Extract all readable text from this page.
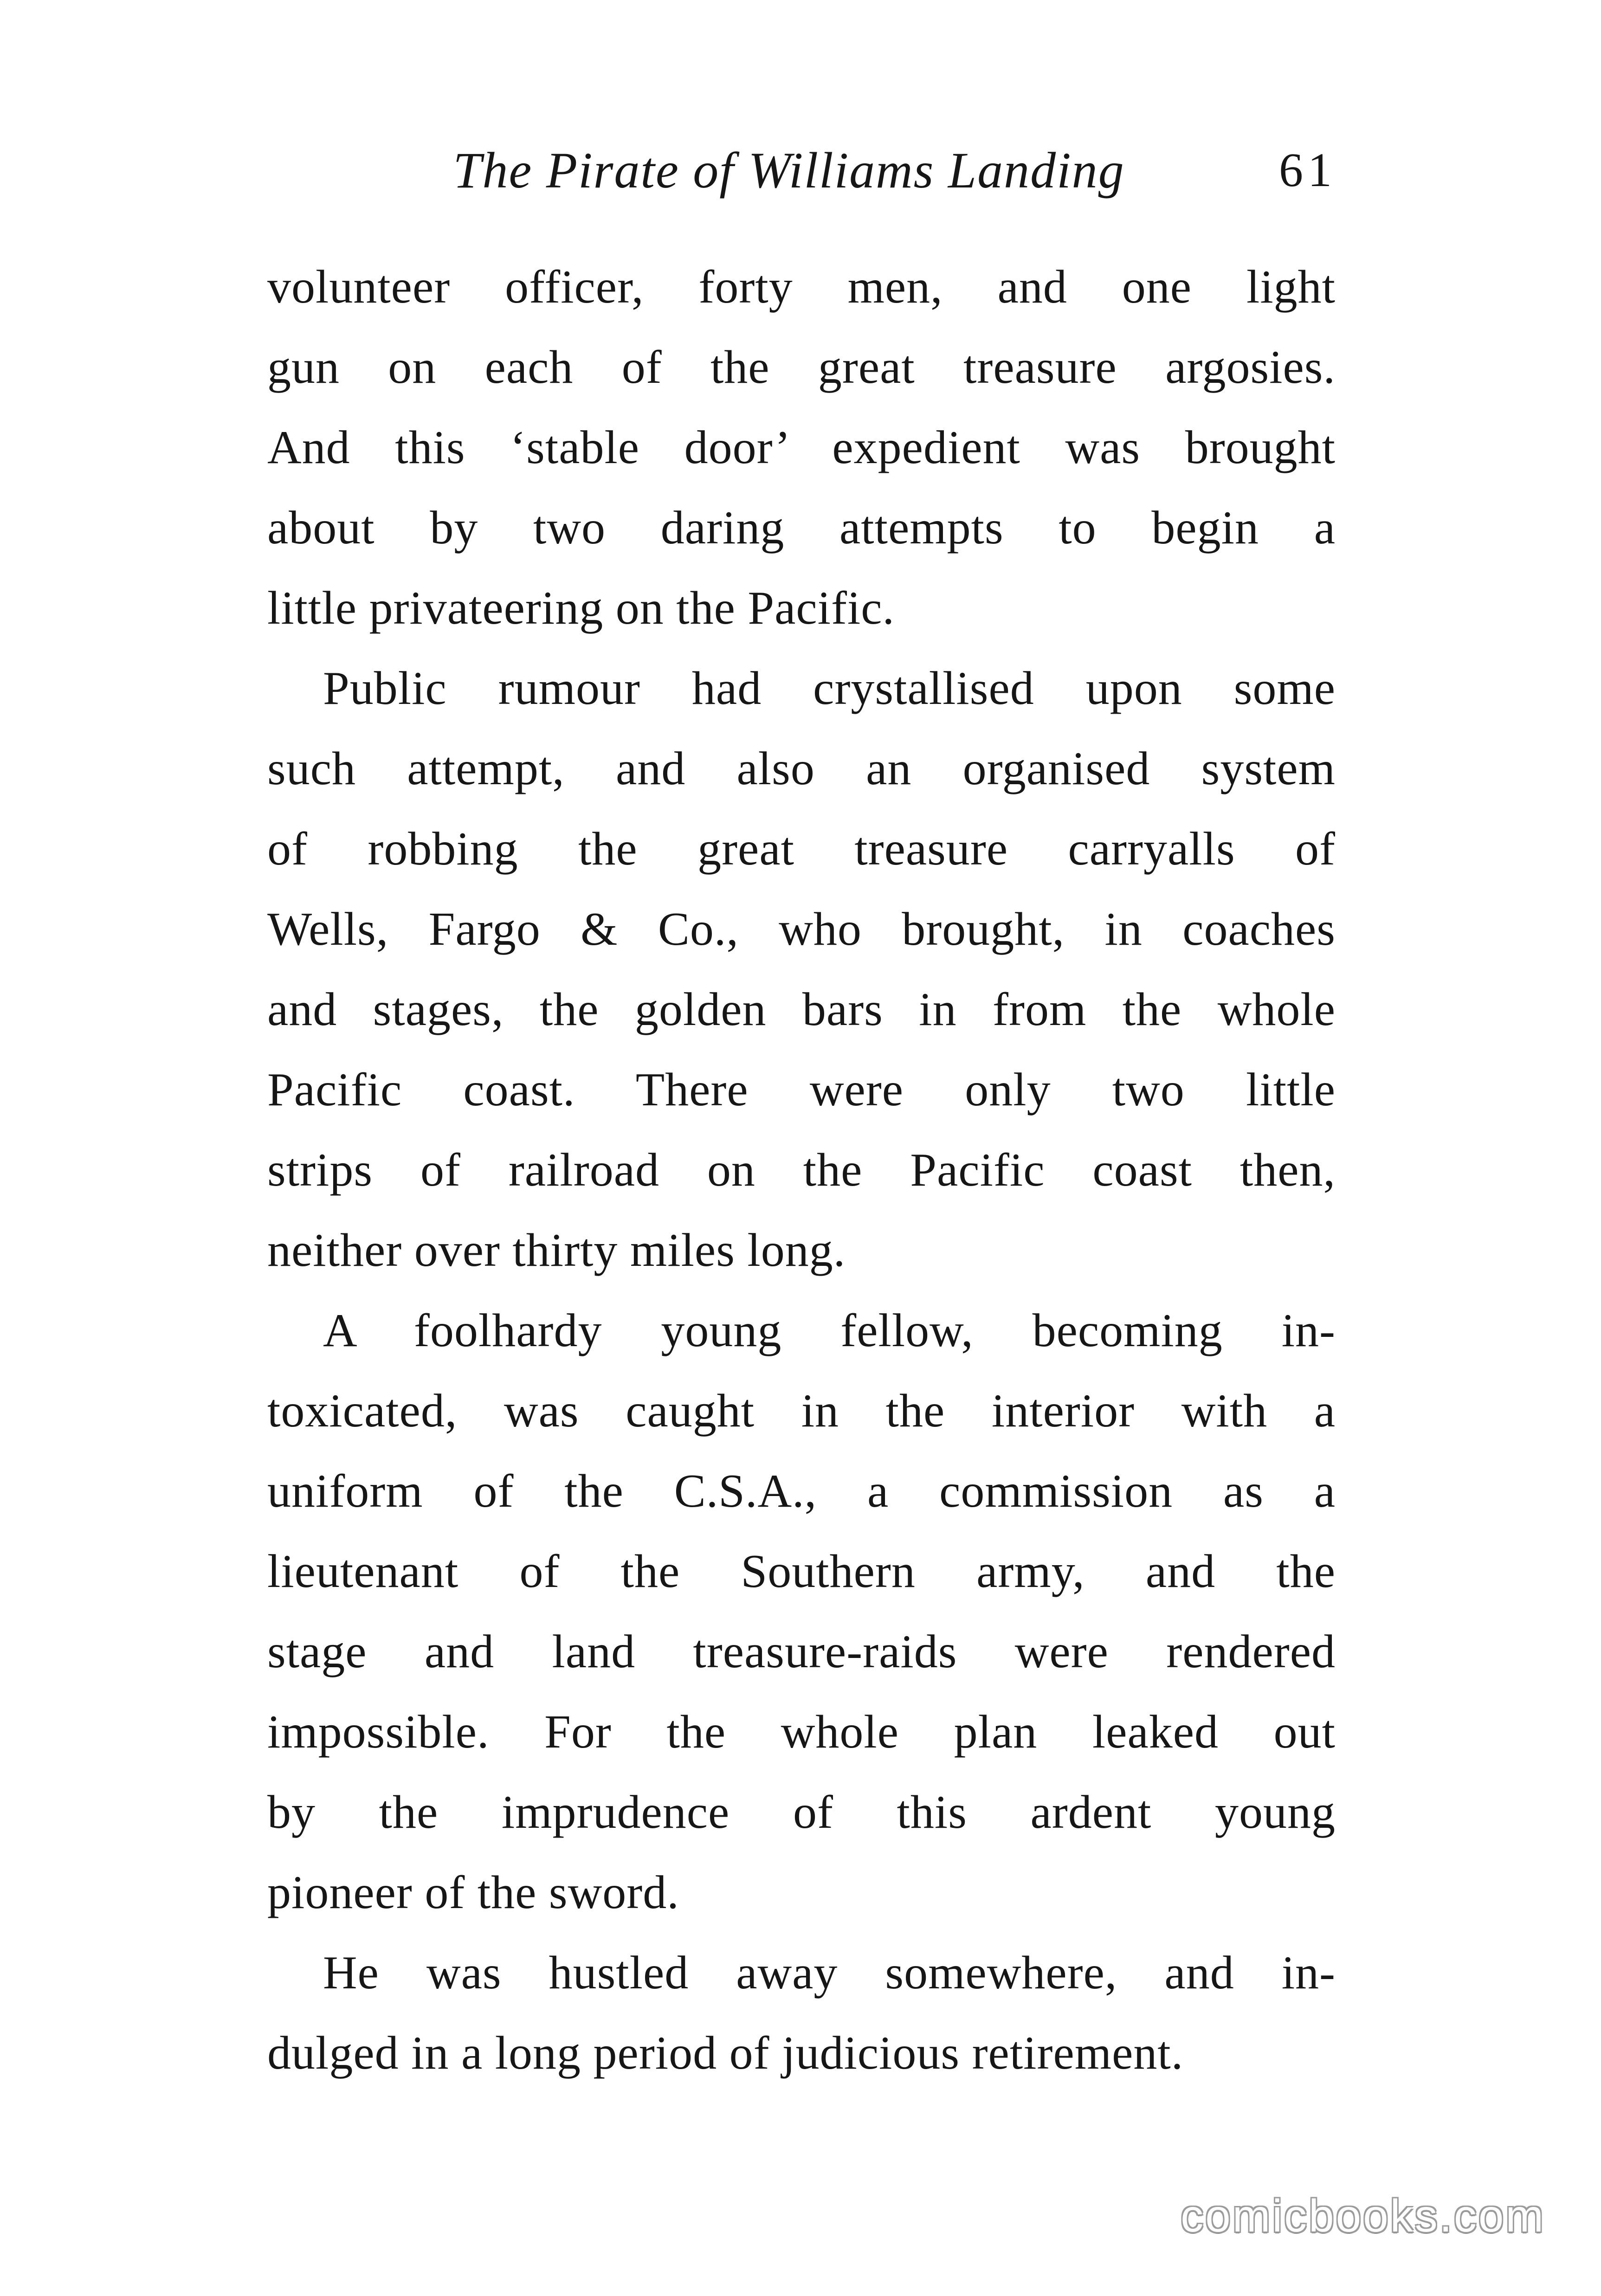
The Pirate of Williams Landing	61
volunteer officer, forty men, and one light
gun on each of the great treasure argosies.
And this ‘stable door’ expedient was brought
about by two daring attempts to begin a
little privateering on the Pacific.
Public rumour had crystallised upon some
such attempt, and also an organised system
of robbing the great treasure carryalls of
Wells, Fargo & Co., who brought, in coaches
and stages, the golden bars in from the whole
Pacific coast. There were only two little
strips of railroad on the Pacific coast then,
neither over thirty miles long.
A foolhardy young fellow, becoming in-
toxicated, was caught in the interior with a
uniform of the C.S.A., a commission as a
lieutenant of the Southern army, and the
stage and land treasure-raids were rendered
impossible. For the whole plan leaked out
by the imprudence of this ardent young
pioneer of the sword.
He was hustled away somewhere, and in-
dulged in a long period of judicious retirement.
comicbooks.com
